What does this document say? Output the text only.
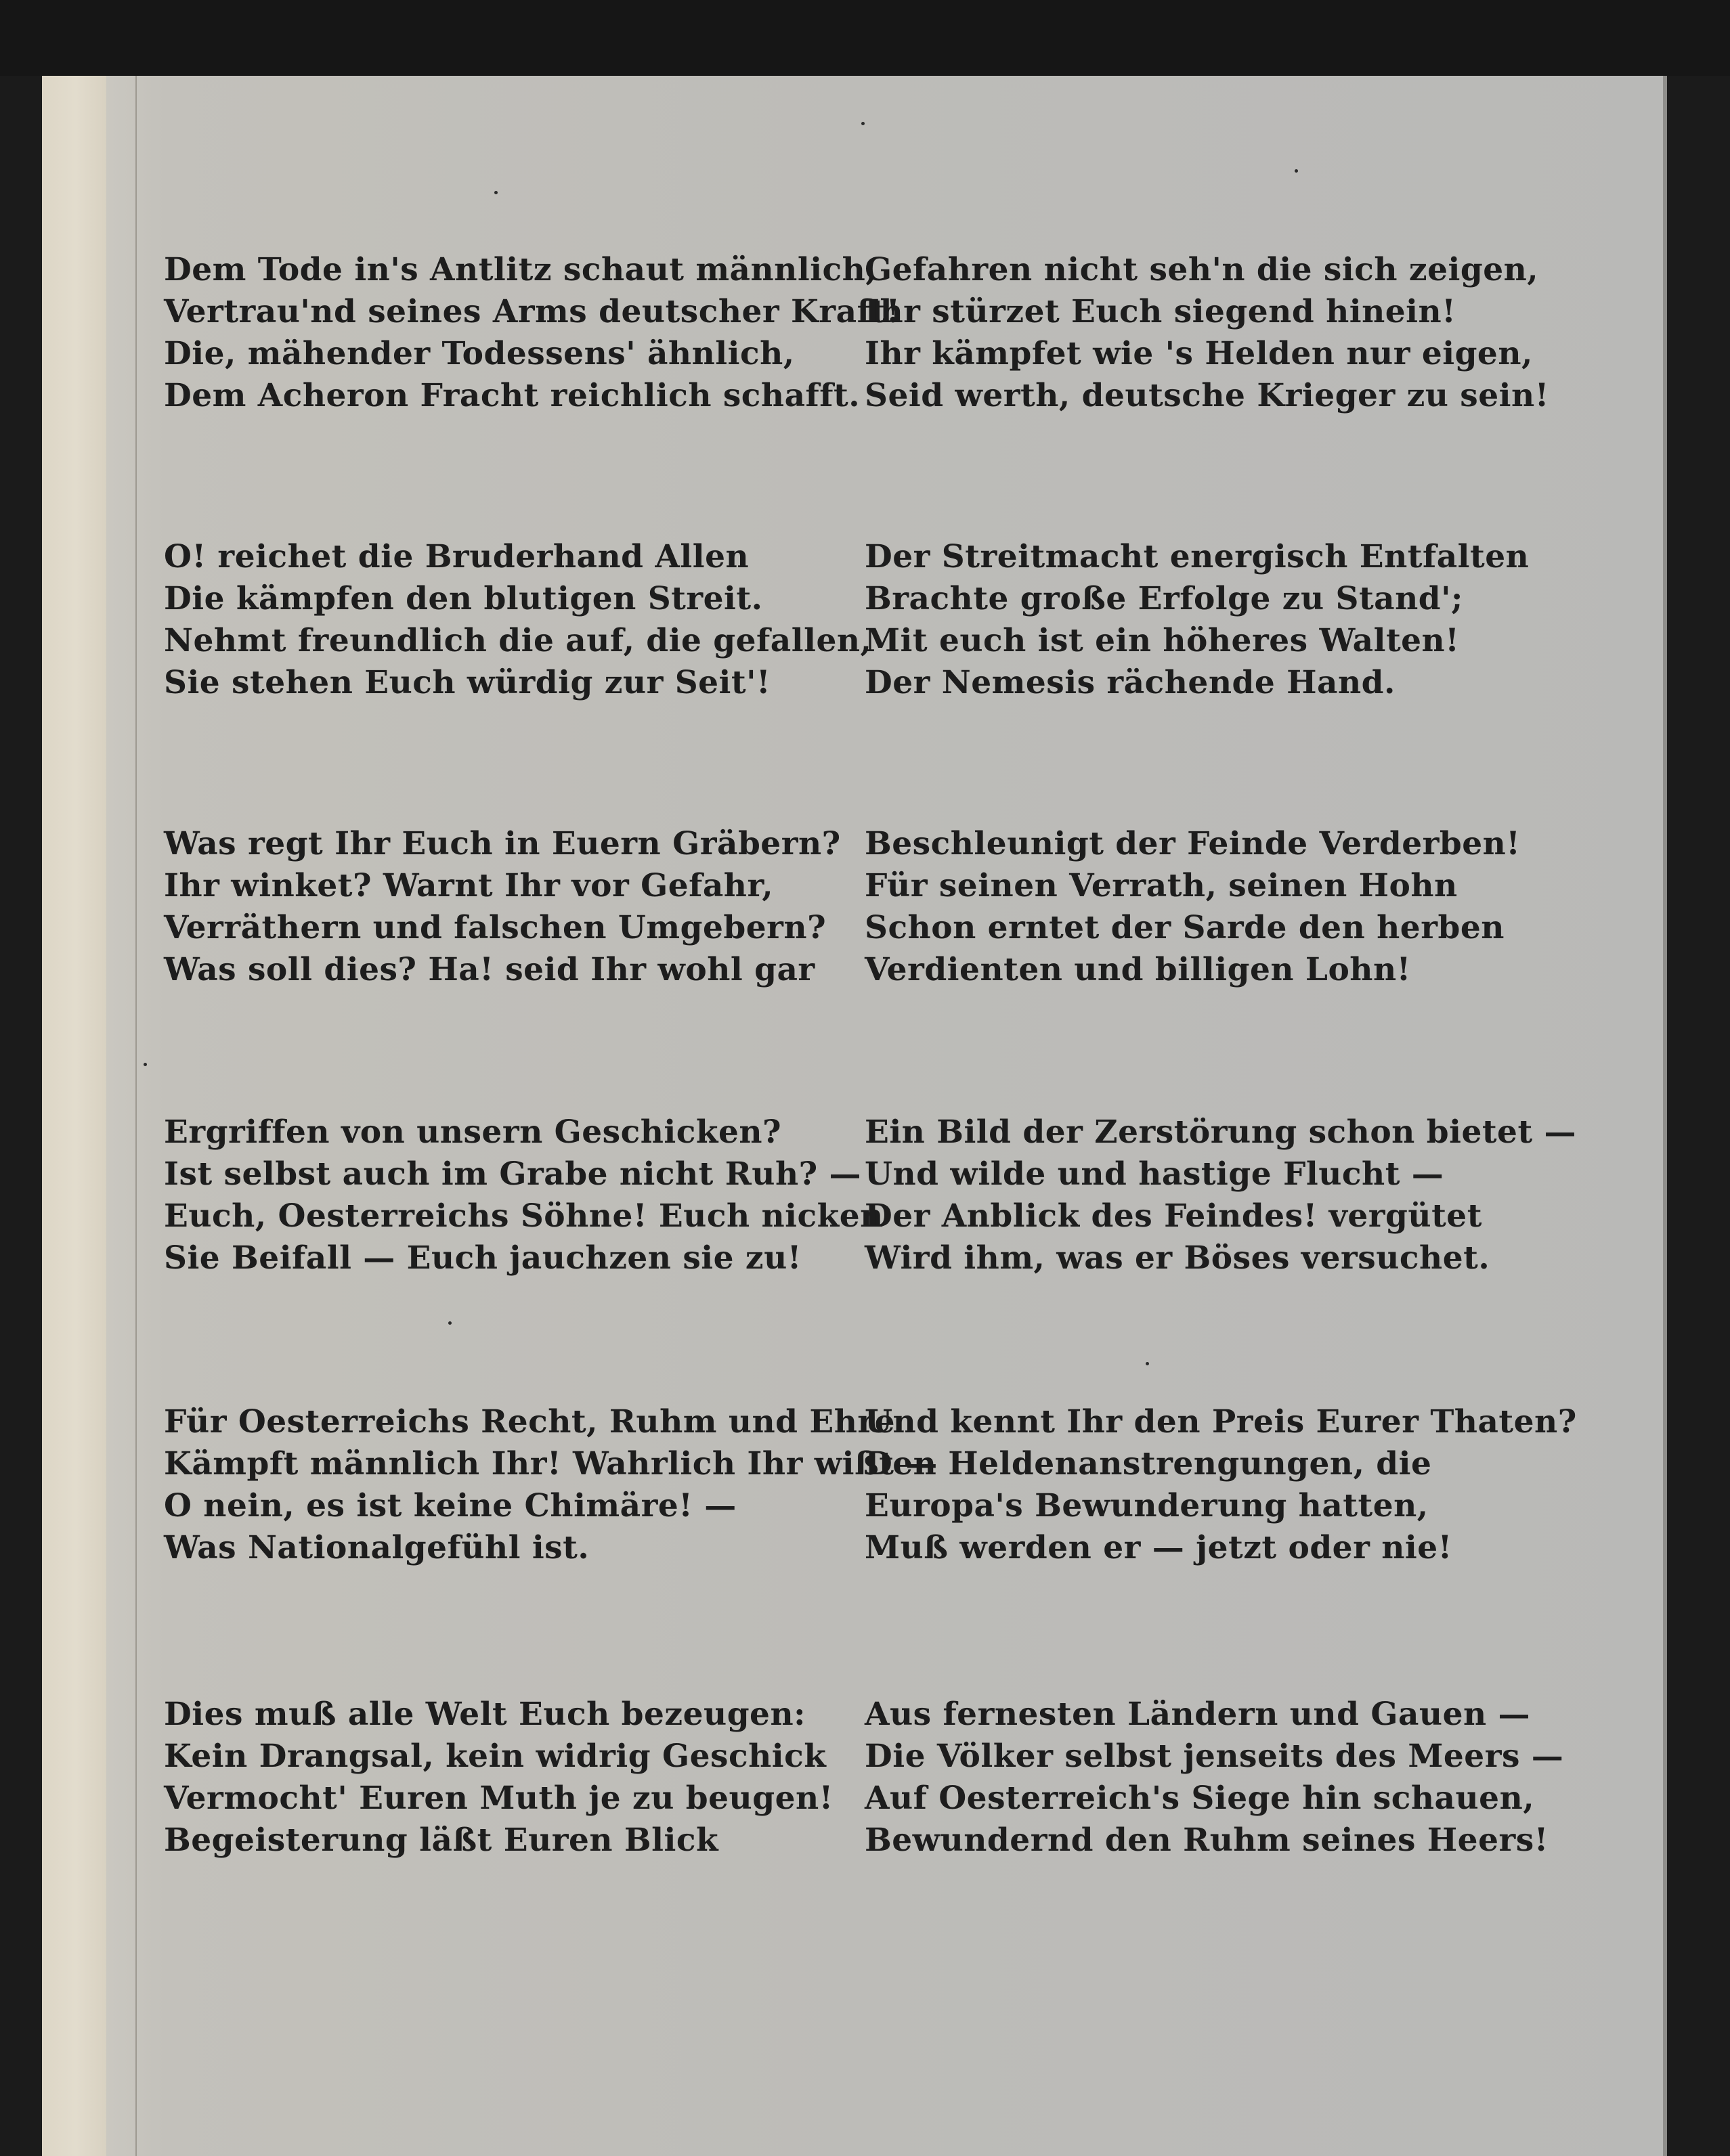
Dem Tode in's Antlitz schaut männlich,
Vertrau'nd seines Arms deutscher Kraft!
Die, mähender Todessens' ähnlich,
Dem Acheron Fracht reichlich schafft.
O! reichet die Bruderhand Allen
Die kämpfen den blutigen Streit.
Nehmt freundlich die auf, die gefallen,
Sie stehen Euch würdig zur Seit'!
Was regt Ihr Euch in Euern Gräbern?
Ihr winket? Warnt Ihr vor Gefahr,
Verräthern und falschen Umgebern?
Was soll dies? Ha! seid Ihr wohl gar
Ergriffen von unsern Geschicken?
Ist selbst auch im Grabe nicht Ruh? —
Euch, Oesterreichs Söhne! Euch nicken
Sie Beifall — Euch jauchzen sie zu!
Für Oesterreichs Recht, Ruhm und Ehre
Kämpft männlich Ihr! Wahrlich Ihr wißt —
O nein, es ist keine Chimäre! —
Was Nationalgefühl ist.
Dies muß alle Welt Euch bezeugen:
Kein Drangsal, kein widrig Geschick
Vermocht' Euren Muth je zu beugen!
Begeisterung läßt Euren Blick
Gefahren nicht seh'n die sich zeigen,
Ihr stürzet Euch siegend hinein!
Ihr kämpfet wie 's Helden nur eigen,
Seid werth, deutsche Krieger zu sein!
Der Streitmacht energisch Entfalten
Brachte große Erfolge zu Stand';
Mit euch ist ein höheres Walten!
Der Nemesis rächende Hand.
Beschleunigt der Feinde Verderben!
Für seinen Verrath, seinen Hohn
Schon erntet der Sarde den herben
Verdienten und billigen Lohn!
Ein Bild der Zerstörung schon bietet —
Und wilde und hastige Flucht —
Der Anblick des Feindes! vergütet
Wird ihm, was er Böses versuchet.
Und kennt Ihr den Preis Eurer Thaten?
Den Heldenanstrengungen, die
Europa's Bewunderung hatten,
Muß werden er — jetzt oder nie!
Aus fernesten Ländern und Gauen —
Die Völker selbst jenseits des Meers —
Auf Oesterreich's Siege hin schauen,
Bewundernd den Ruhm seines Heers!
